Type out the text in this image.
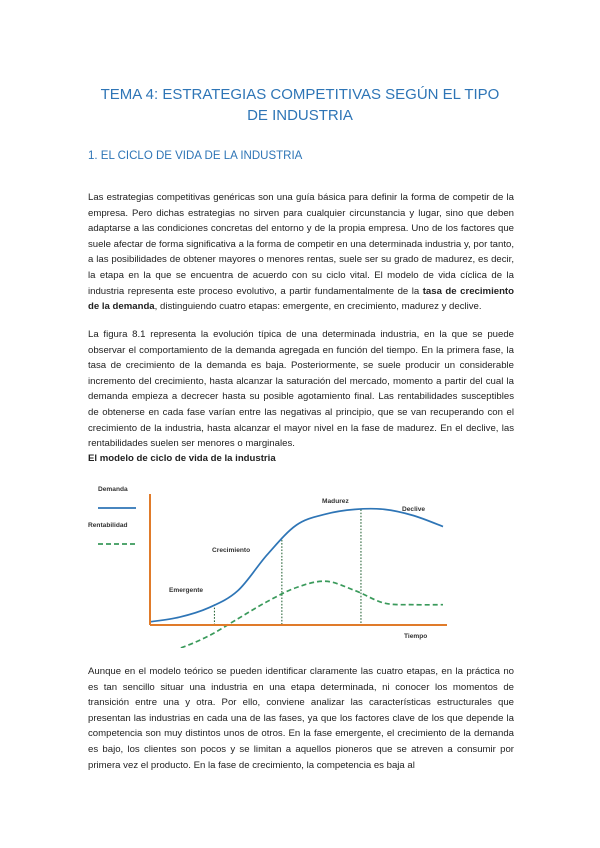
TEMA 4: ESTRATEGIAS COMPETITIVAS SEGÚN EL TIPO DE INDUSTRIA
1. EL CICLO DE VIDA DE LA INDUSTRIA
Las estrategias competitivas genéricas son una guía básica para definir la forma de competir de la empresa. Pero dichas estrategias no sirven para cualquier circunstancia y lugar, sino que deben adaptarse a las condiciones concretas del entorno y de la propia empresa. Uno de los factores que suele afectar de forma significativa a la forma de competir en una determinada industria y, por tanto, a las posibilidades de obtener mayores o menores rentas, suele ser su grado de madurez, es decir, la etapa en la que se encuentra de acuerdo con su ciclo vital. El modelo de vida cíclica de la industria representa este proceso evolutivo, a partir fundamentalmente de la tasa de crecimiento de la demanda, distinguiendo cuatro etapas: emergente, en crecimiento, madurez y declive.
La figura 8.1 representa la evolución típica de una determinada industria, en la que se puede observar el comportamiento de la demanda agregada en función del tiempo. En la primera fase, la tasa de crecimiento de la demanda es baja. Posteriormente, se suele producir un considerable incremento del crecimiento, hasta alcanzar la saturación del mercado, momento a partir del cual la demanda empieza a decrecer hasta su posible agotamiento final. Las rentabilidades susceptibles de obtenerse en cada fase varían entre las negativas al principio, que se van recuperando con el crecimiento de la industria, hasta alcanzar el mayor nivel en la fase de madurez. En el declive, las rentabilidades suelen ser menores o marginales.
El modelo de ciclo de vida de la industria
Tiempo
Demanda
Rentabilidad
Emergente
Crecimiento
Madurez
Declive
Aunque en el modelo teórico se pueden identificar claramente las cuatro etapas, en la práctica no es tan sencillo situar una industria en una etapa determinada, ni conocer los momentos de transición entre una y otra. Por ello, conviene analizar las características estructurales que presentan las industrias en cada una de las fases, ya que los factores clave de los que depende la competencia son muy distintos unos de otros. En la fase emergente, el crecimiento de la demanda es bajo, los clientes son pocos y se limitan a aquellos pioneros que se atreven a consumir por primera vez el producto. En la fase de crecimiento, la competencia es baja al
